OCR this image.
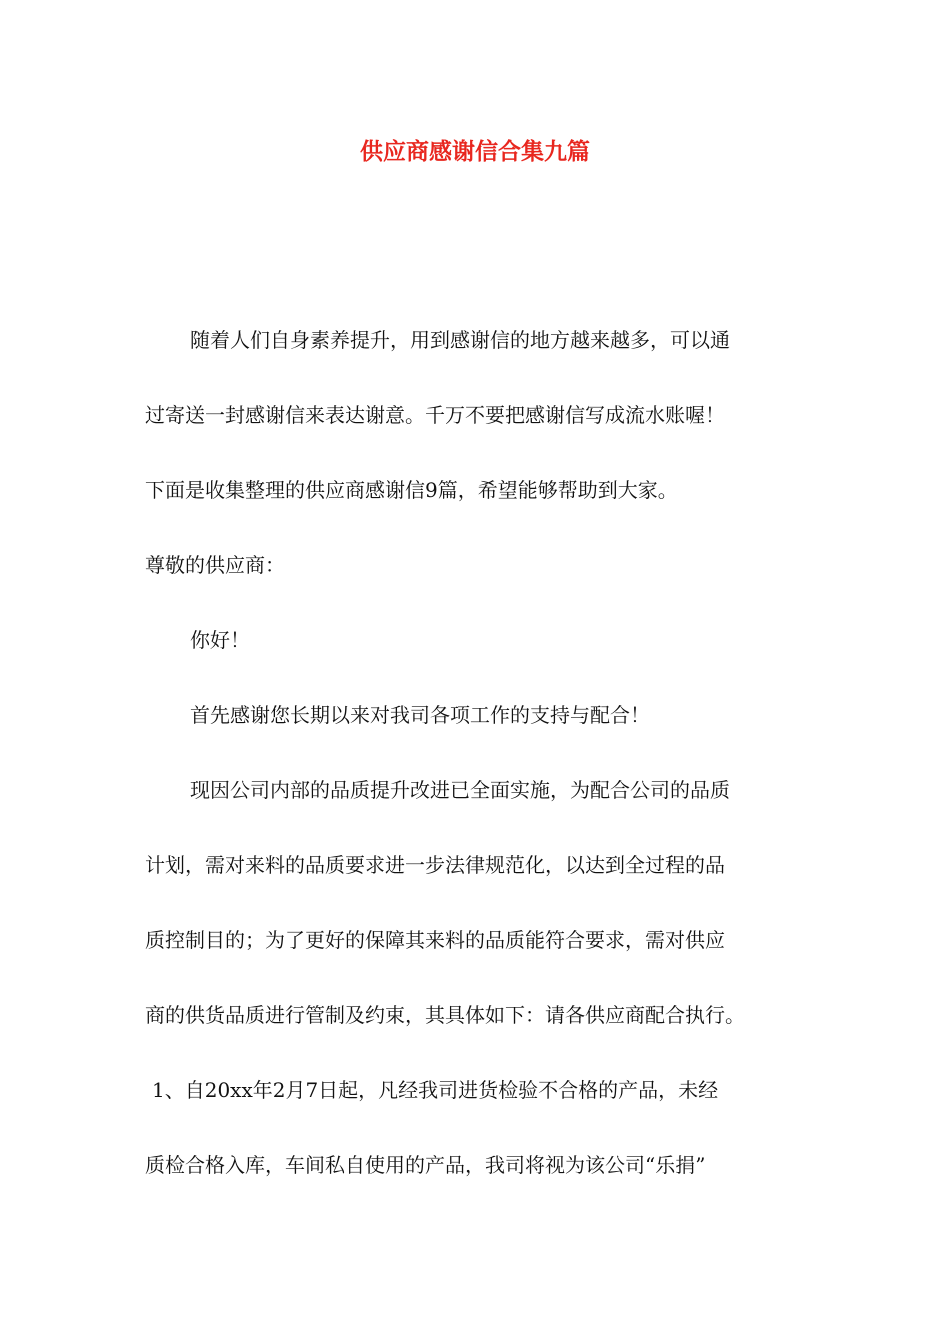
供应商感谢信合集九篇
随着人们自身素养提升，用到感谢信的地方越来越多，可以通
过寄送一封感谢信来表达谢意。千万不要把感谢信写成流水账喔！
下面是收集整理的供应商感谢信9篇，希望能够帮助到大家。
尊敬的供应商：
你好！
首先感谢您长期以来对我司各项工作的支持与配合！
现因公司内部的品质提升改进已全面实施，为配合公司的品质
计划，需对来料的品质要求进一步法律规范化，以达到全过程的品
质控制目的；为了更好的保障其来料的品质能符合要求，需对供应
商的供货品质进行管制及约束，其具体如下：请各供应商配合执行。
1、自20xx年2月7日起，凡经我司进货检验不合格的产品，未经
质检合格入库，车间私自使用的产品，我司将视为该公司“乐捐”
